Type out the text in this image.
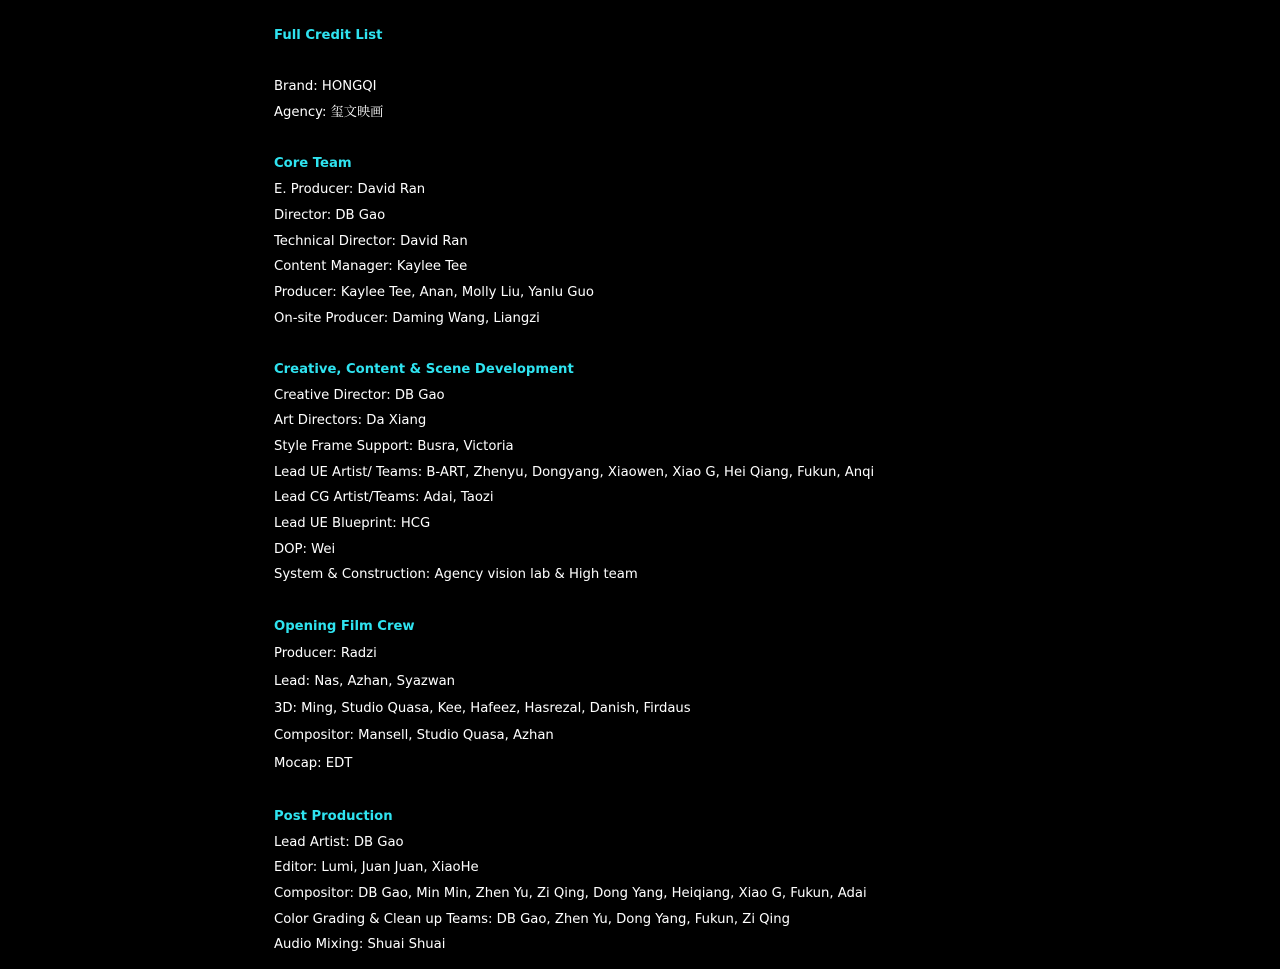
Full Credit List
Brand: HONGQI
Agency: 玺文映画
Core Team
E. Producer: David Ran
Director: DB Gao
Technical Director: David Ran
Content Manager: Kaylee Tee
Producer: Kaylee Tee, Anan, Molly Liu, Yanlu Guo
On-site Producer: Daming Wang, Liangzi
Creative, Content & Scene Development
Creative Director: DB Gao
Art Directors: Da Xiang
Style Frame Support: Busra, Victoria
Lead UE Artist/ Teams: B-ART, Zhenyu, Dongyang, Xiaowen, Xiao G, Hei Qiang, Fukun, Anqi
Lead CG Artist/Teams: Adai, Taozi
Lead UE Blueprint: HCG
DOP: Wei
System & Construction: Agency vision lab & High team
Opening Film Crew
Producer: Radzi
Lead: Nas, Azhan, Syazwan
3D: Ming, Studio Quasa, Kee, Hafeez, Hasrezal, Danish, Firdaus
Compositor: Mansell, Studio Quasa, Azhan
Mocap: EDT
Post Production
Lead Artist: DB Gao
Editor: Lumi, Juan Juan, XiaoHe
Compositor: DB Gao, Min Min, Zhen Yu, Zi Qing, Dong Yang, Heiqiang, Xiao G, Fukun, Adai
Color Grading & Clean up Teams: DB Gao, Zhen Yu, Dong Yang, Fukun, Zi Qing
Audio Mixing: Shuai Shuai
